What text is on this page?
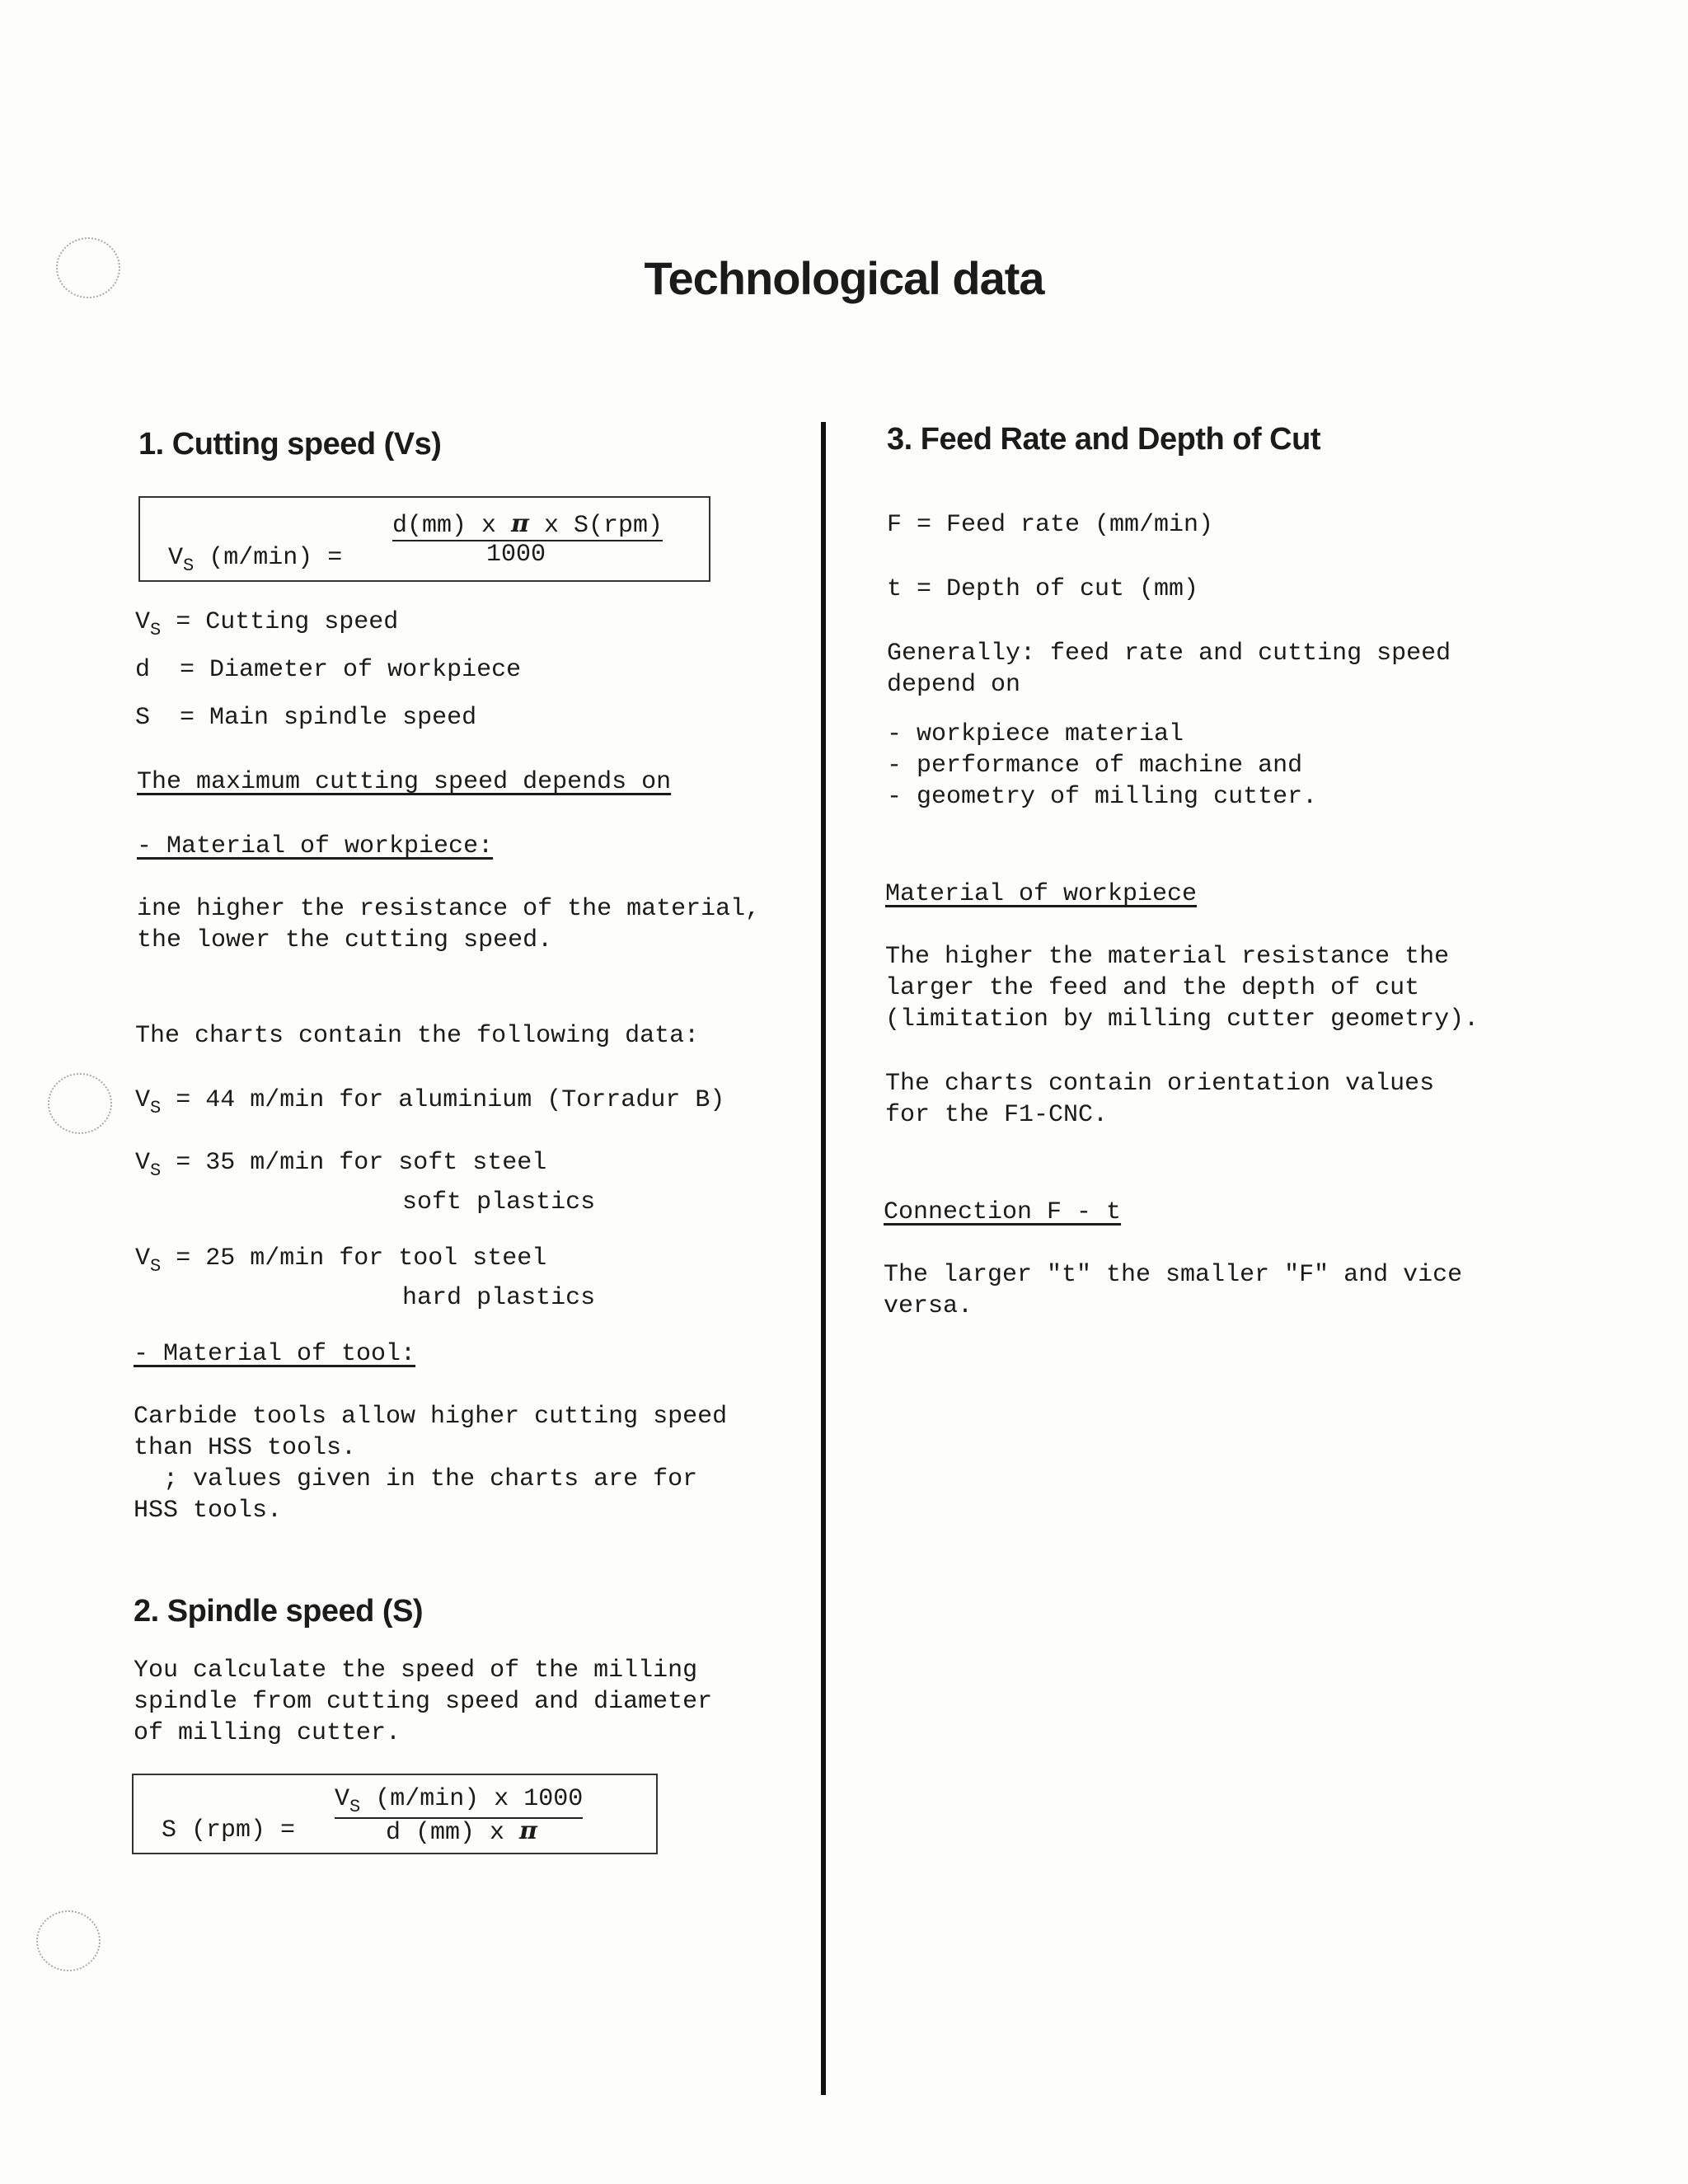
Technological data
1. Cutting speed (Vs)
$V_S$ (m/min) =
d(mm) x π x S(rpm)
1000
$V_S$ = Cutting speed
d  = Diameter of workpiece
S  = Main spindle speed
The maximum cutting speed depends on
- Material of workpiece:
ine higher the resistance of the material,
the lower the cutting speed.
The charts contain the following data:
$V_S = 44$ m/min for aluminium (Torradur B)
$V_S = 35$ m/min for soft steel
soft plastics
$V_S = 25$ m/min for tool steel
hard plastics
- Material of tool:
Carbide tools allow higher cutting speed
than HSS tools.
; values given in the charts are for
HSS tools.
2. Spindle speed (S)
You calculate the speed of the milling
spindle from cutting speed and diameter
of milling cutter.
S (rpm) =
$V_S$ (m/min) x 1000
d (mm) x π
3. Feed Rate and Depth of Cut
F = Feed rate (mm/min)
t = Depth of cut (mm)
Generally: feed rate and cutting speed
depend on
- workpiece material
- performance of machine and
- geometry of milling cutter.
Material of workpiece
The higher the material resistance the
larger the feed and the depth of cut
(limitation by milling cutter geometry).
The charts contain orientation values
for the F1-CNC.
Connection F - t
The larger "t" the smaller "F" and vice
versa.
